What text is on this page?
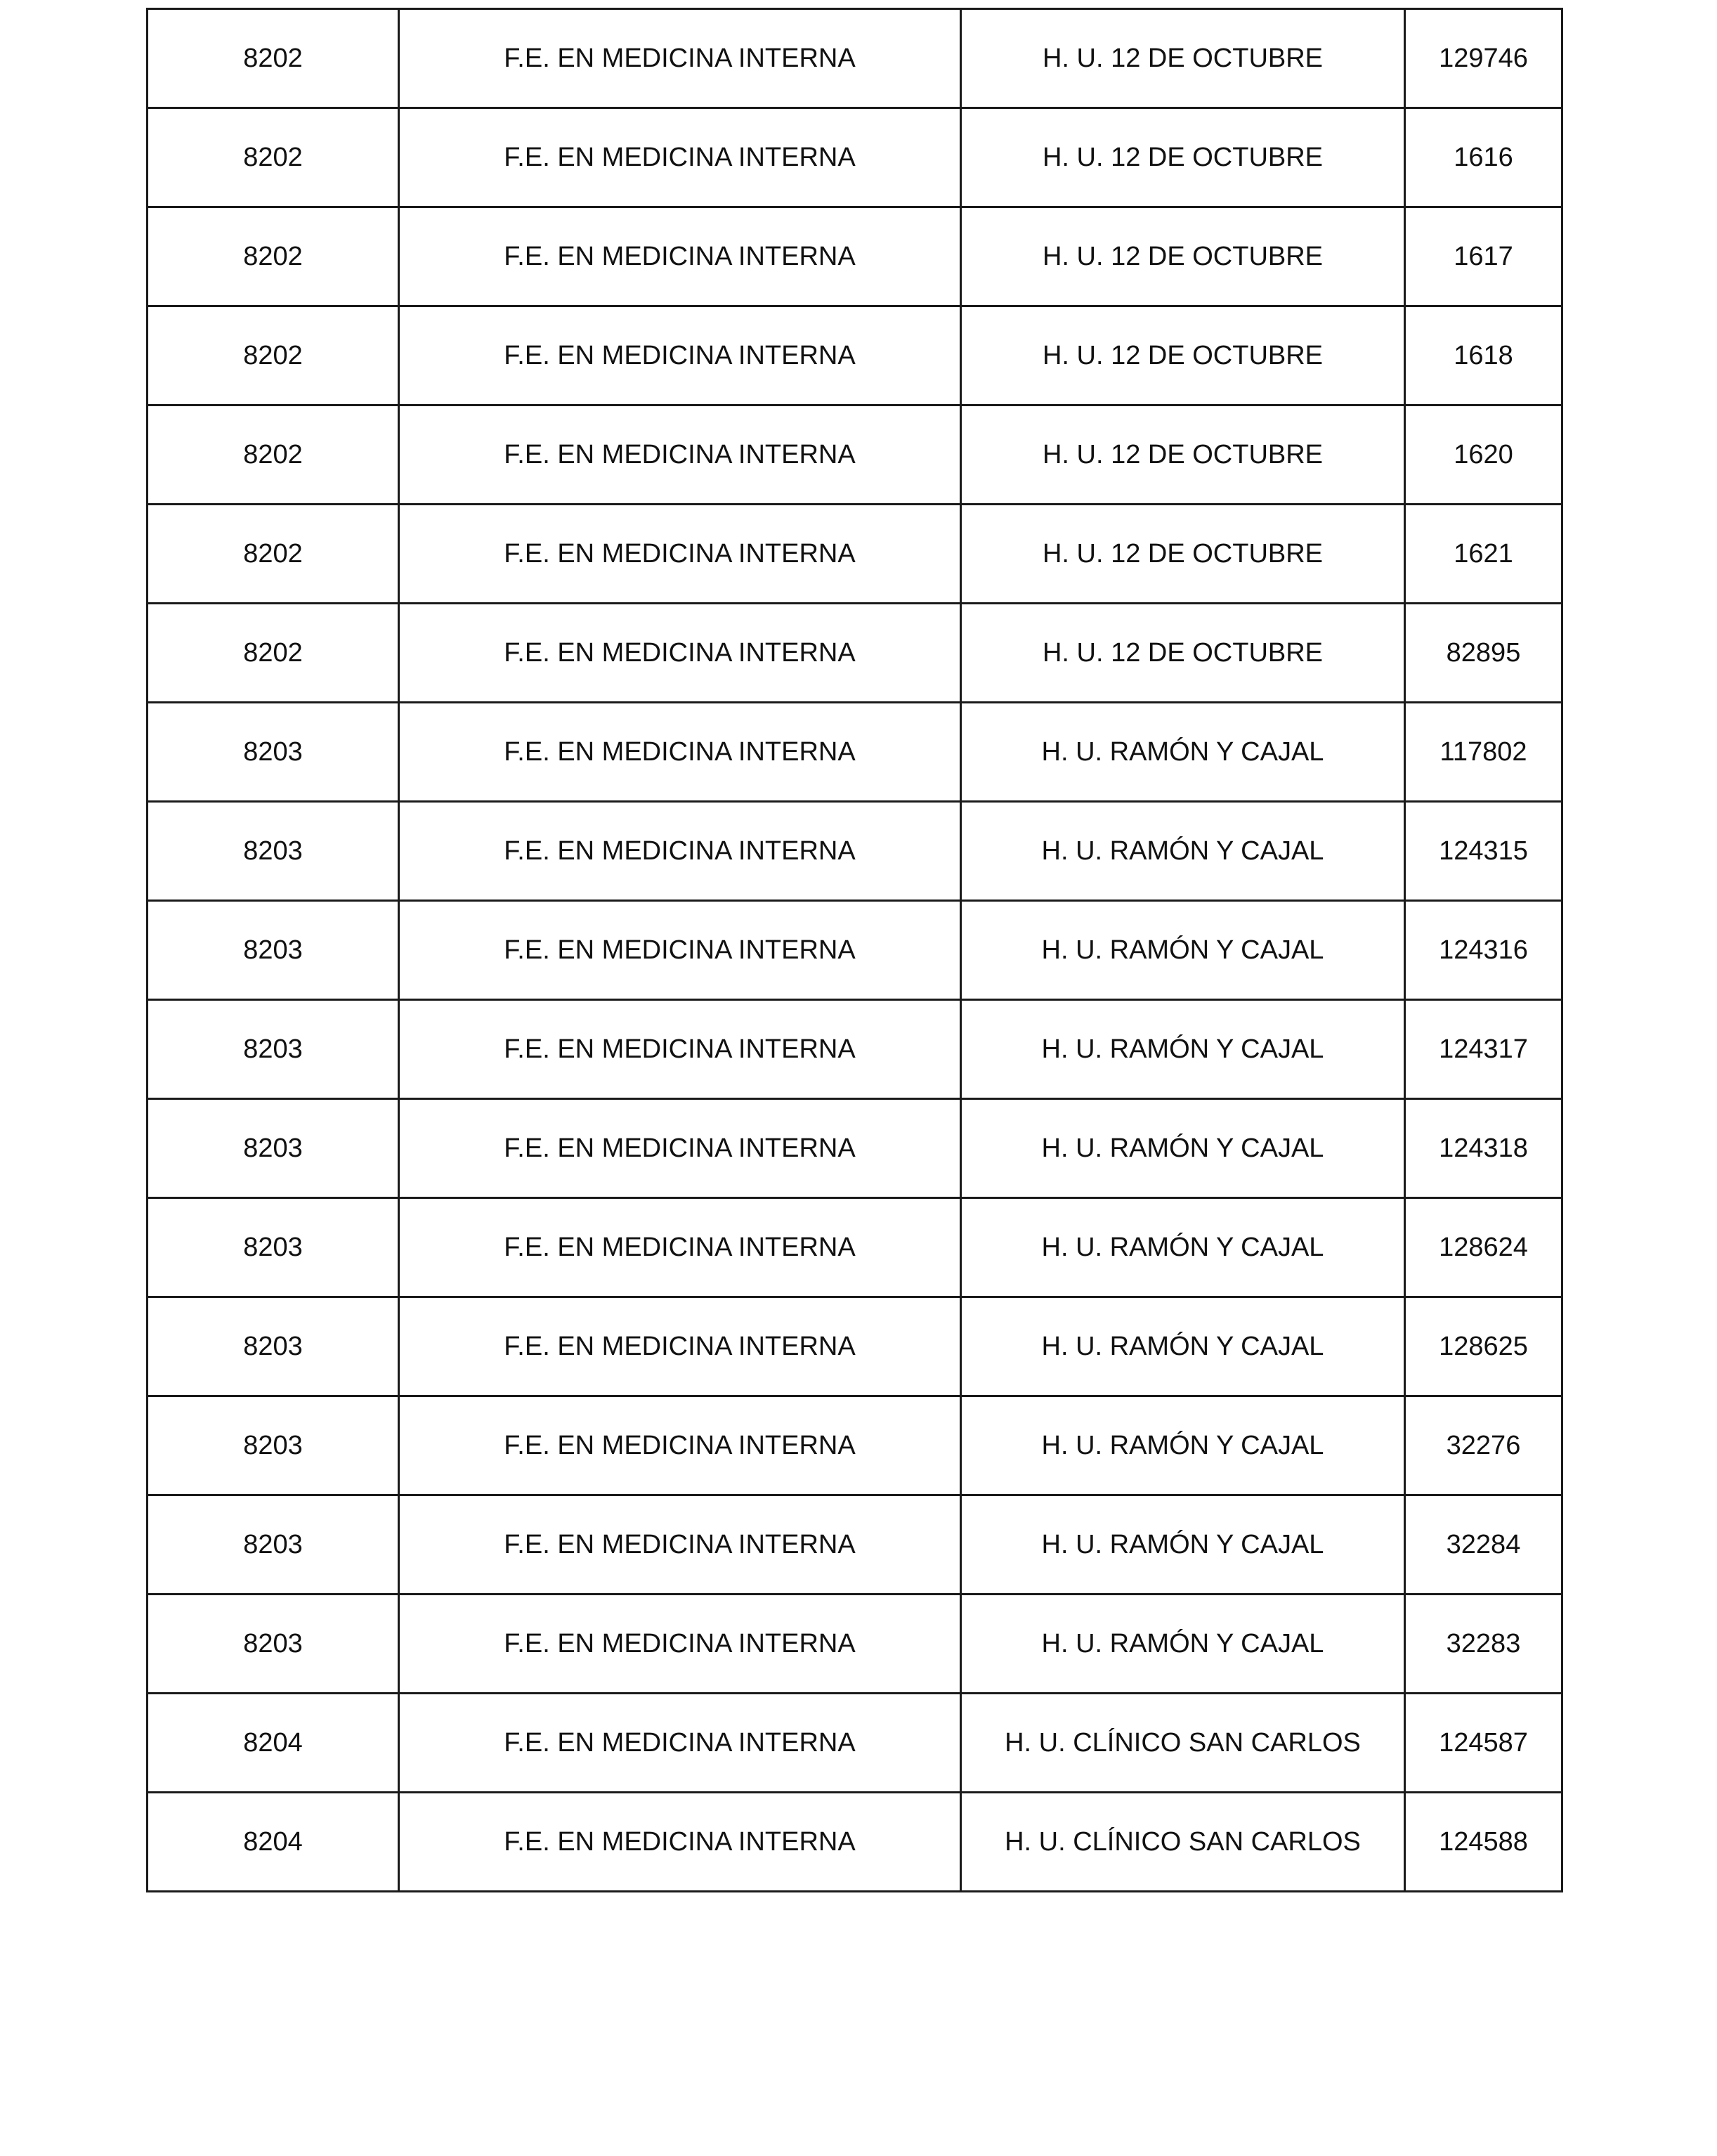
8202	F.E. EN MEDICINA INTERNA	H. U. 12 DE OCTUBRE	129746
8202	F.E. EN MEDICINA INTERNA	H. U. 12 DE OCTUBRE	1616
8202	F.E. EN MEDICINA INTERNA	H. U. 12 DE OCTUBRE	1617
8202	F.E. EN MEDICINA INTERNA	H. U. 12 DE OCTUBRE	1618
8202	F.E. EN MEDICINA INTERNA	H. U. 12 DE OCTUBRE	1620
8202	F.E. EN MEDICINA INTERNA	H. U. 12 DE OCTUBRE	1621
8202	F.E. EN MEDICINA INTERNA	H. U. 12 DE OCTUBRE	82895
8203	F.E. EN MEDICINA INTERNA	H. U. RAMÓN Y CAJAL	117802
8203	F.E. EN MEDICINA INTERNA	H. U. RAMÓN Y CAJAL	124315
8203	F.E. EN MEDICINA INTERNA	H. U. RAMÓN Y CAJAL	124316
8203	F.E. EN MEDICINA INTERNA	H. U. RAMÓN Y CAJAL	124317
8203	F.E. EN MEDICINA INTERNA	H. U. RAMÓN Y CAJAL	124318
8203	F.E. EN MEDICINA INTERNA	H. U. RAMÓN Y CAJAL	128624
8203	F.E. EN MEDICINA INTERNA	H. U. RAMÓN Y CAJAL	128625
8203	F.E. EN MEDICINA INTERNA	H. U. RAMÓN Y CAJAL	32276
8203	F.E. EN MEDICINA INTERNA	H. U. RAMÓN Y CAJAL	32284
8203	F.E. EN MEDICINA INTERNA	H. U. RAMÓN Y CAJAL	32283
8204	F.E. EN MEDICINA INTERNA	H. U. CLÍNICO SAN CARLOS	124587
8204	F.E. EN MEDICINA INTERNA	H. U. CLÍNICO SAN CARLOS	124588
